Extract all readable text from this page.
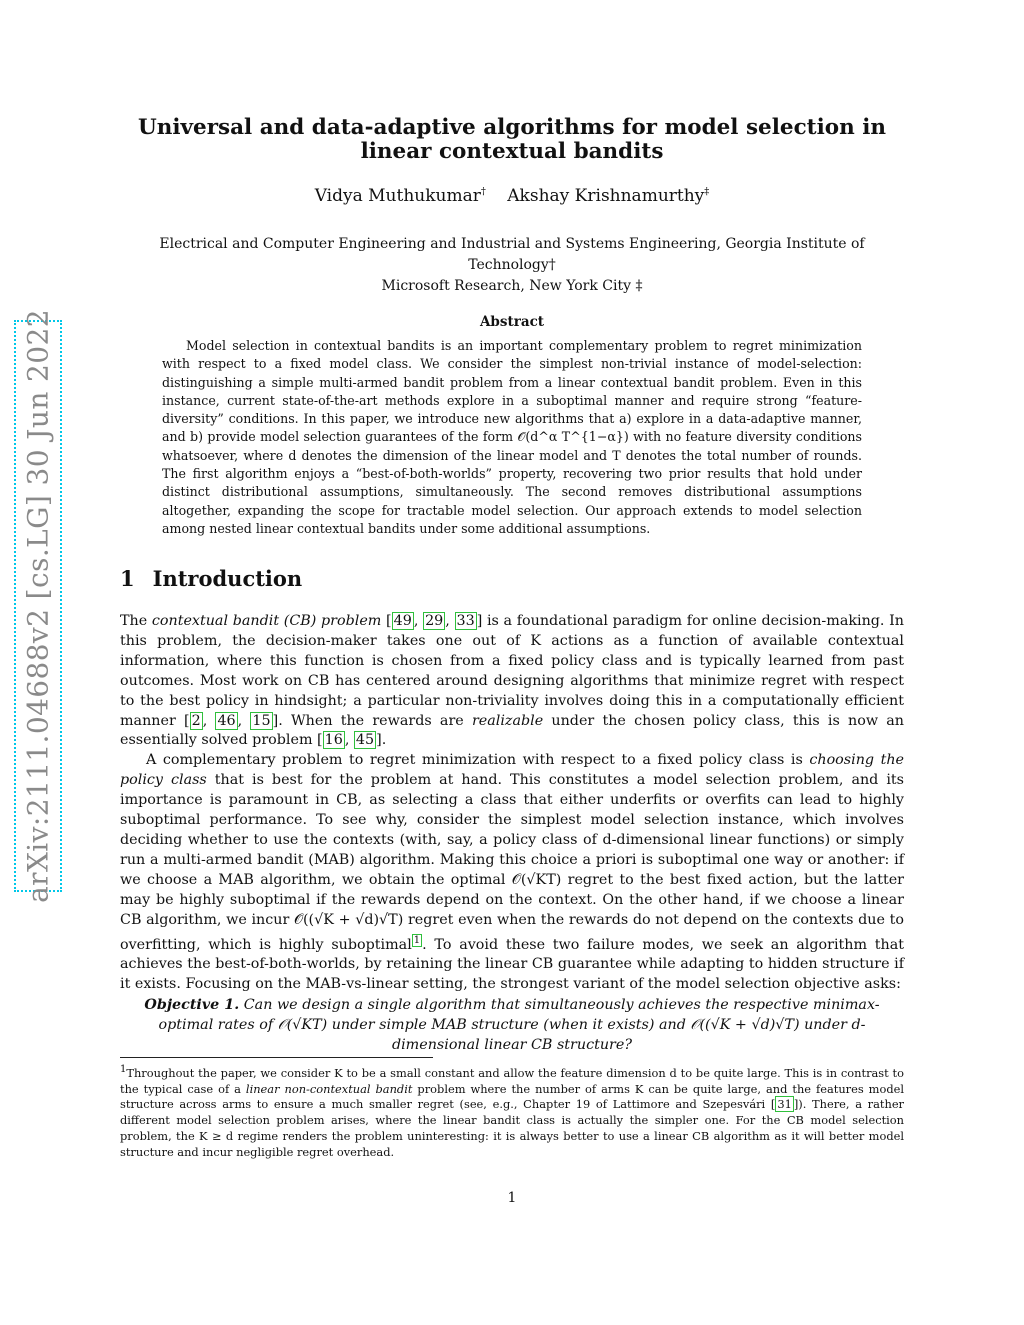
arXiv:2111.04688v2 [cs.LG] 30 Jun 2022
Universal and data-adaptive algorithms for model selection in linear contextual bandits
Vidya Muthukumar† Akshay Krishnamurthy‡
Electrical and Computer Engineering and Industrial and Systems Engineering, Georgia Institute of Technology†
Microsoft Research, New York City ‡
Abstract

Model selection in contextual bandits is an important complementary problem to regret minimization with respect to a fixed model class. We consider the simplest non-trivial instance of model-selection: distinguishing a simple multi-armed bandit problem from a linear contextual bandit problem. Even in this instance, current state-of-the-art methods explore in a suboptimal manner and require strong “feature-diversity” conditions. In this paper, we introduce new algorithms that a) explore in a data-adaptive manner, and b) provide model selection guarantees of the form 𝒪(d^α T^{1−α}) with no feature diversity conditions whatsoever, where d denotes the dimension of the linear model and T denotes the total number of rounds. The first algorithm enjoys a “best-of-both-worlds” property, recovering two prior results that hold under distinct distributional assumptions, simultaneously. The second removes distributional assumptions altogether, expanding the scope for tractable model selection. Our approach extends to model selection among nested linear contextual bandits under some additional assumptions.

1 Introduction

The contextual bandit (CB) problem [ 49 , 29 , 33 ] is a foundational paradigm for online decision-making. In this problem, the decision-maker takes one out of K actions as a function of available contextual information, where this function is chosen from a fixed policy class and is typically learned from past outcomes. Most work on CB has centered around designing algorithms that minimize regret with respect to the best policy in hindsight; a particular non-triviality involves doing this in a computationally efficient manner [ 2 , 46 , 15 ]. When the rewards are realizable under the chosen policy class, this is now an essentially solved problem [ 16 , 45 ].

A complementary problem to regret minimization with respect to a fixed policy class is choosing the policy class that is best for the problem at hand. This constitutes a model selection problem, and its importance is paramount in CB, as selecting a class that either underfits or overfits can lead to highly suboptimal performance. To see why, consider the simplest model selection instance, which involves deciding whether to use the contexts (with, say, a policy class of d-dimensional linear functions) or simply run a multi-armed bandit (MAB) algorithm. Making this choice a priori is suboptimal one way or another: if we choose a MAB algorithm, we obtain the optimal 𝒪(√KT) regret to the best fixed action, but the latter may be highly suboptimal if the rewards depend on the context. On the other hand, if we choose a linear CB algorithm, we incur 𝒪((√K + √d)√T) regret even when the rewards do not depend on the contexts due to overfitting, which is highly suboptimal $^1$ . To avoid these two failure modes, we seek an algorithm that achieves the best-of-both-worlds, by retaining the linear CB guarantee while adapting to hidden structure if it exists. Focusing on the MAB-vs-linear setting, the strongest variant of the model selection objective asks:

Objective 1. Can we design a single algorithm that simultaneously achieves the respective minimax-optimal rates of 𝒪(√KT) under simple MAB structure (when it exists) and 𝒪((√K + √d)√T) under d-dimensional linear CB structure?

$^1$Throughout the paper, we consider K to be a small constant and allow the feature dimension d to be quite large. This is in contrast to the typical case of a linear non-contextual bandit problem where the number of arms K can be quite large, and the features model structure across arms to ensure a much smaller regret (see, e.g., Chapter 19 of Lattimore and Szepesvári [ 31 ]). There, a rather different model selection problem arises, where the linear bandit class is actually the simpler one. For the CB model selection problem, the K ≥ d regime renders the problem uninteresting: it is always better to use a linear CB algorithm as it will better model structure and incur negligible regret overhead.

1
